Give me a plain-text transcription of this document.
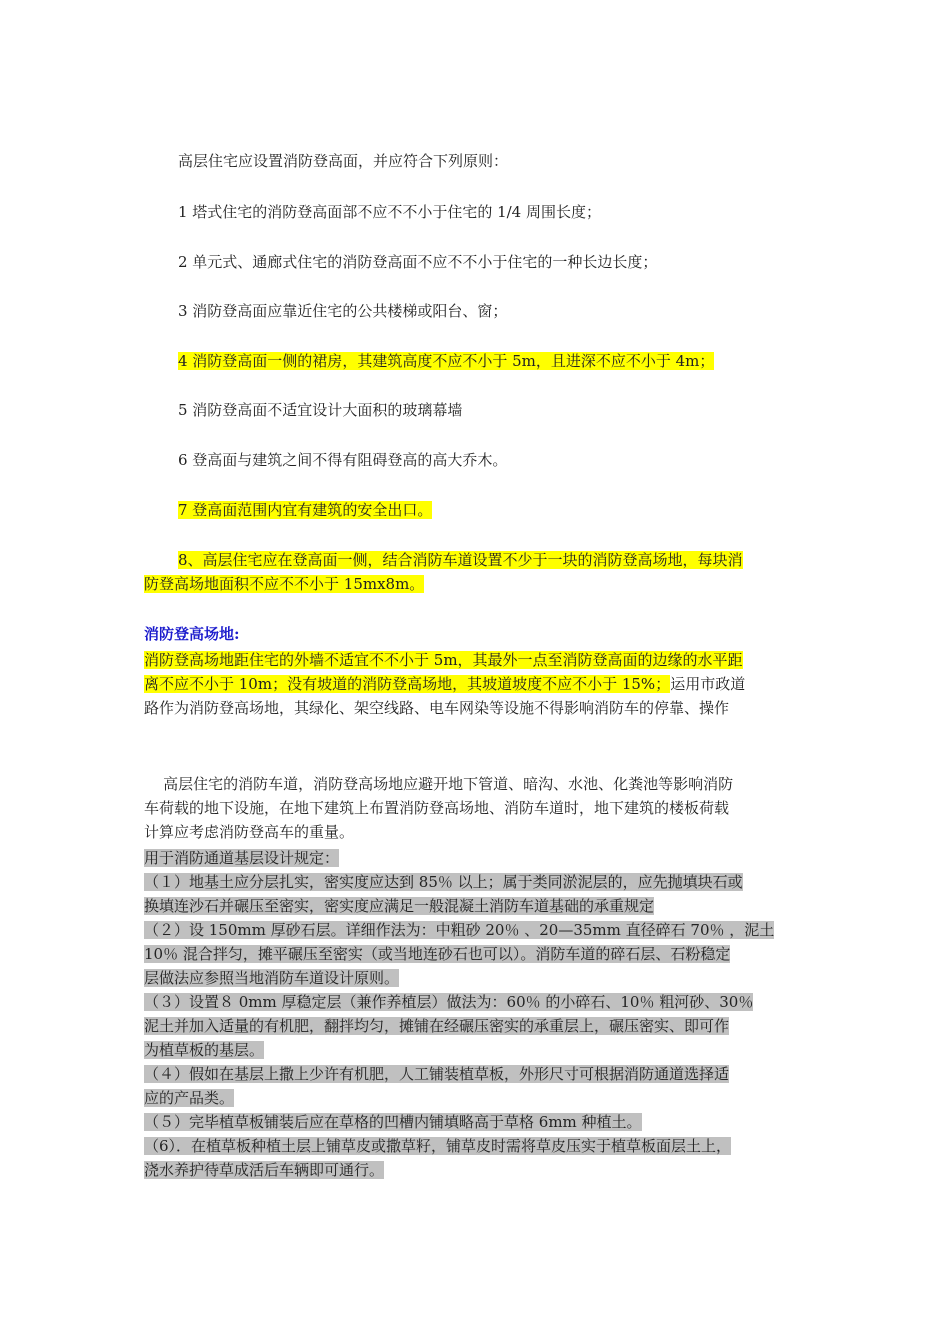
高层住宅应设置消防登高面，并应符合下列原则：
1 塔式住宅的消防登高面部不应不不小于住宅的 1/4 周围长度；
2 单元式、通廊式住宅的消防登高面不应不不小于住宅的一种长边长度；
3 消防登高面应靠近住宅的公共楼梯或阳台、窗；
4 消防登高面一侧的裙房，其建筑高度不应不小于 5m，且进深不应不小于 4m；
5 消防登高面不适宜设计大面积的玻璃幕墙
6 登高面与建筑之间不得有阻碍登高的高大乔木。
7 登高面范围内宜有建筑的安全出口。
8、高层住宅应在登高面一侧，结合消防车道设置不少于一块的消防登高场地，每块消
防登高场地面积不应不不小于 15mx8m。
消防登高场地:
消防登高场地距住宅的外墙不适宜不不小于 5m，其最外一点至消防登高面的边缘的水平距
离不应不小于 10m；没有坡道的消防登高场地，其坡道坡度不应不小于 15%；运用市政道
路作为消防登高场地，其绿化、架空线路、电车网染等设施不得影响消防车的停靠、操作
高层住宅的消防车道，消防登高场地应避开地下管道、暗沟、水池、化粪池等影响消防
车荷载的地下设施，在地下建筑上布置消防登高场地、消防车道时，地下建筑的楼板荷载
计算应考虑消防登高车的重量。
用于消防通道基层设计规定：
（１）地基土应分层扎实，密实度应达到 85％ 以上；属于类同淤泥层的，应先抛填块石或
换填连沙石并碾压至密实，密实度应满足一般混凝土消防车道基础的承重规定
（２）设 150mm 厚砂石层。详细作法为：中粗砂 20％ 、20—35mm 直径碎石 70％ ，泥土
10％ 混合拌匀，摊平碾压至密实（或当地连砂石也可以）。消防车道的碎石层、石粉稳定
层做法应参照当地消防车道设计原则。
（３）设置８ 0mm 厚稳定层（兼作养植层）做法为：60％ 的小碎石、10％ 粗河砂、30％
泥土并加入适量的有机肥，翻拌均匀，摊铺在经碾压密实的承重层上，碾压密实、即可作
为植草板的基层。
（４）假如在基层上撒上少许有机肥，人工铺装植草板，外形尺寸可根据消防通道选择适
应的产品类。
（５）完毕植草板铺装后应在草格的凹槽内铺填略高于草格 6mm 种植土。
（6）．在植草板种植土层上铺草皮或撒草籽，铺草皮时需将草皮压实于植草板面层土上，
浇水养护待草成活后车辆即可通行。
